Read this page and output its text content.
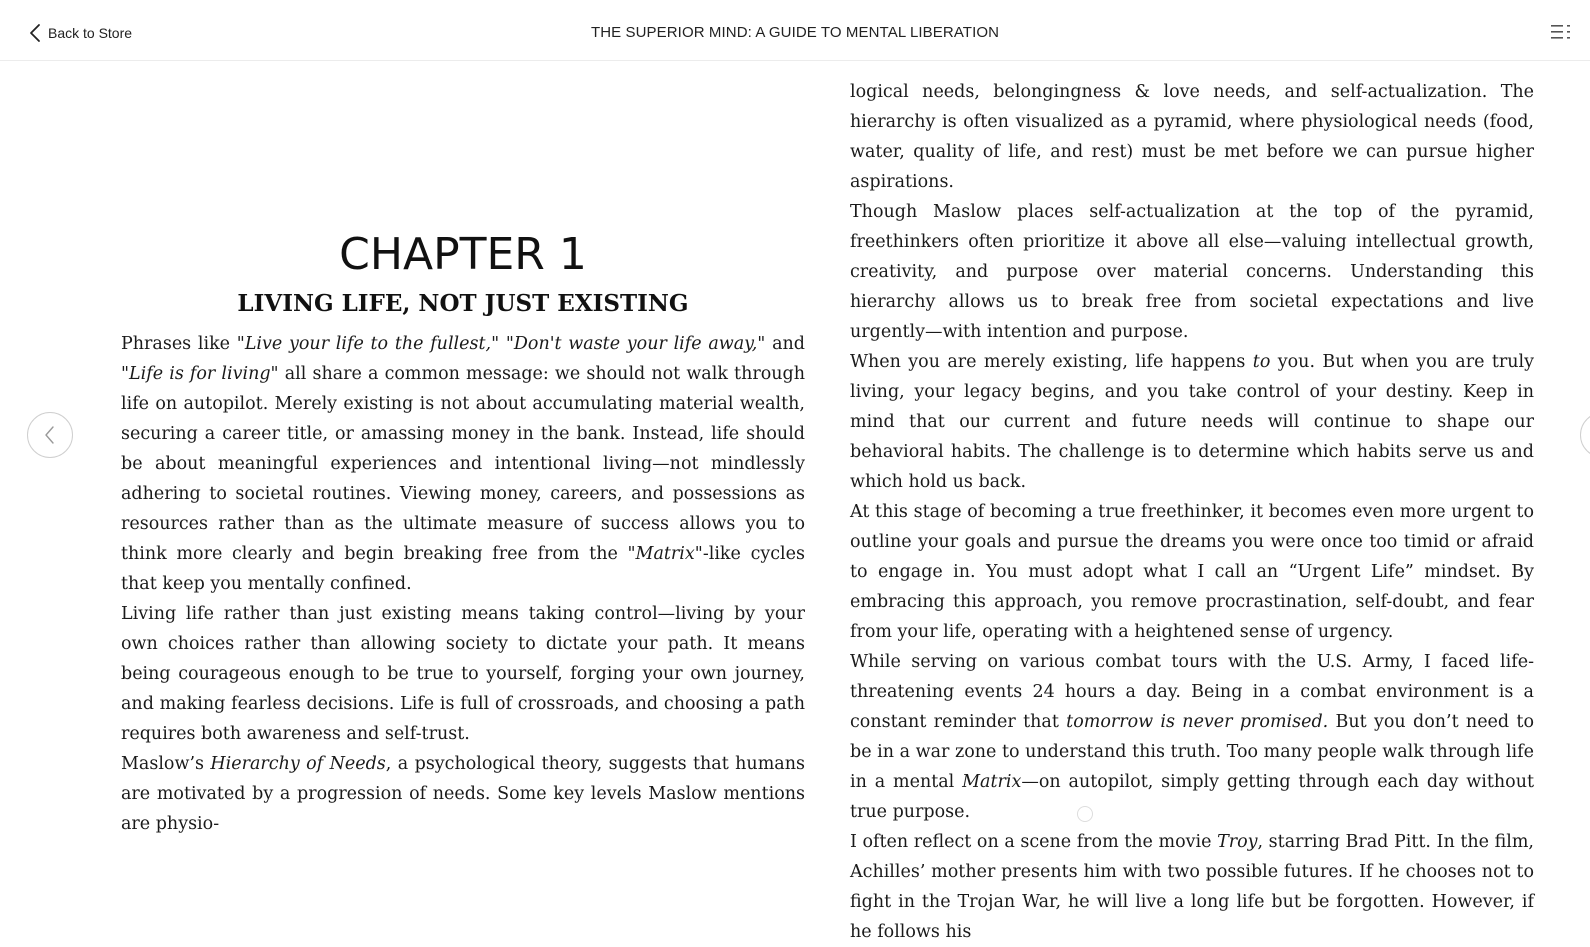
Back to Store	THE SUPERIOR MIND: A GUIDE TO MENTAL LIBERATION
CHAPTER 1
LIVING LIFE, NOT JUST EXISTING

Phrases like "Live your life to the fullest," "Don't waste your life away," and "Life is for living" all share a common message: we should not walk through life on autopilot. Merely existing is not about accumulating material wealth, securing a career title, or amassing money in the bank. Instead, life should be about meaningful experiences and intentional living—not mindlessly adhering to societal routines. Viewing money, careers, and possessions as resources rather than as the ultimate measure of success allows you to think more clearly and begin breaking free from the "Matrix"-like cycles that keep you mentally confined.

Living life rather than just existing means taking control—living by your own choices rather than allowing society to dictate your path. It means being courageous enough to be true to yourself, forging your own journey, and making fearless decisions. Life is full of crossroads, and choosing a path requires both awareness and self-trust.

Maslow’s Hierarchy of Needs, a psychological theory, suggests that humans are motivated by a progression of needs. Some key levels Maslow mentions are physio-

logical needs, belongingness & love needs, and self-actualization. The hierarchy is often visualized as a pyramid, where physiological needs (food, water, quality of life, and rest) must be met before we can pursue higher aspirations.

Though Maslow places self-actualization at the top of the pyramid, freethinkers often prioritize it above all else—valuing intellectual growth, creativity, and purpose over material concerns. Understanding this hierarchy allows us to break free from societal expectations and live urgently—with intention and purpose.

When you are merely existing, life happens to you. But when you are truly living, your legacy begins, and you take control of your destiny. Keep in mind that our current and future needs will continue to shape our behavioral habits. The challenge is to determine which habits serve us and which hold us back.

At this stage of becoming a true freethinker, it becomes even more urgent to outline your goals and pursue the dreams you were once too timid or afraid to engage in. You must adopt what I call an “Urgent Life” mindset. By embracing this approach, you remove procrastination, self-doubt, and fear from your life, operating with a heightened sense of urgency.

While serving on various combat tours with the U.S. Army, I faced life-threatening events 24 hours a day. Being in a combat environment is a constant reminder that tomorrow is never promised. But you don’t need to be in a war zone to understand this truth. Too many people walk through life in a mental Matrix—on autopilot, simply getting through each day without true purpose.

I often reflect on a scene from the movie Troy, starring Brad Pitt. In the film, Achilles’ mother presents him with two possible futures. If he chooses not to fight in the Trojan War, he will live a long life but be forgotten. However, if he follows his
